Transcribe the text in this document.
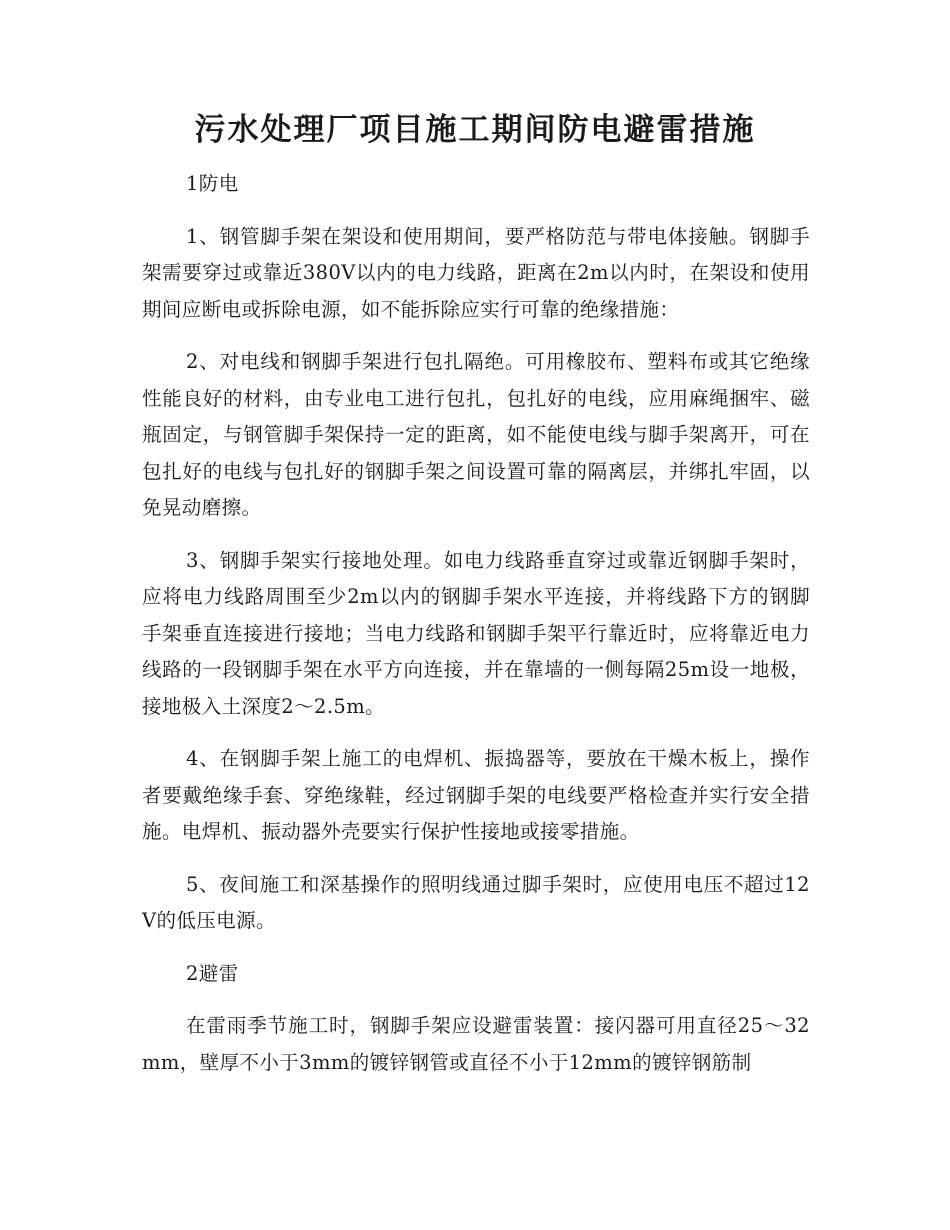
污水处理厂项目施工期间防电避雷措施
1防电

1、钢管脚手架在架设和使用期间，要严格防范与带电体接触。钢脚手架需要穿过或靠近380V以内的电力线路，距离在2m以内时，在架设和使用期间应断电或拆除电源，如不能拆除应实行可靠的绝缘措施：

2、对电线和钢脚手架进行包扎隔绝。可用橡胶布、塑料布或其它绝缘性能良好的材料，由专业电工进行包扎，包扎好的电线，应用麻绳捆牢、磁瓶固定，与钢管脚手架保持一定的距离，如不能使电线与脚手架离开，可在包扎好的电线与包扎好的钢脚手架之间设置可靠的隔离层，并绑扎牢固，以免晃动磨擦。

3、钢脚手架实行接地处理。如电力线路垂直穿过或靠近钢脚手架时，应将电力线路周围至少2m以内的钢脚手架水平连接，并将线路下方的钢脚手架垂直连接进行接地；当电力线路和钢脚手架平行靠近时，应将靠近电力线路的一段钢脚手架在水平方向连接，并在靠墙的一侧每隔25m设一地极，接地极入土深度2～2.5m。

4、在钢脚手架上施工的电焊机、振捣器等，要放在干燥木板上，操作者要戴绝缘手套、穿绝缘鞋，经过钢脚手架的电线要严格检查并实行安全措施。电焊机、振动器外壳要实行保护性接地或接零措施。

5、夜间施工和深基操作的照明线通过脚手架时，应使用电压不超过12V的低压电源。

2避雷

在雷雨季节施工时，钢脚手架应设避雷装置：接闪器可用直径25～32mm，壁厚不小于3mm的镀锌钢管或直径不小于12mm的镀锌钢筋制
